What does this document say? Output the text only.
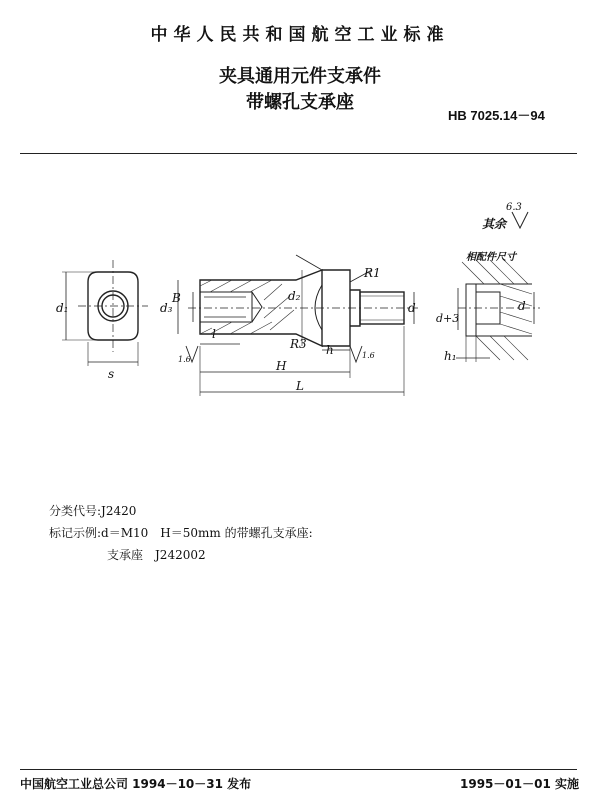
中华人民共和国航空工业标准
夹具通用元件支承件
带螺孔支承座
HB 7025.14－94
其余
6.3
相配件尺寸
d₁
s
d₃
B
l
d₂
R1
R3 h
H
L
d
d+3
d
h₁
1.6	1.6
分类代号:J2420
标记示例:d＝M10　H＝50mm 的带螺孔支承座:
支承座　J242002
中国航空工业总公司 1994－10－31 发布	1995－01－01 实施
